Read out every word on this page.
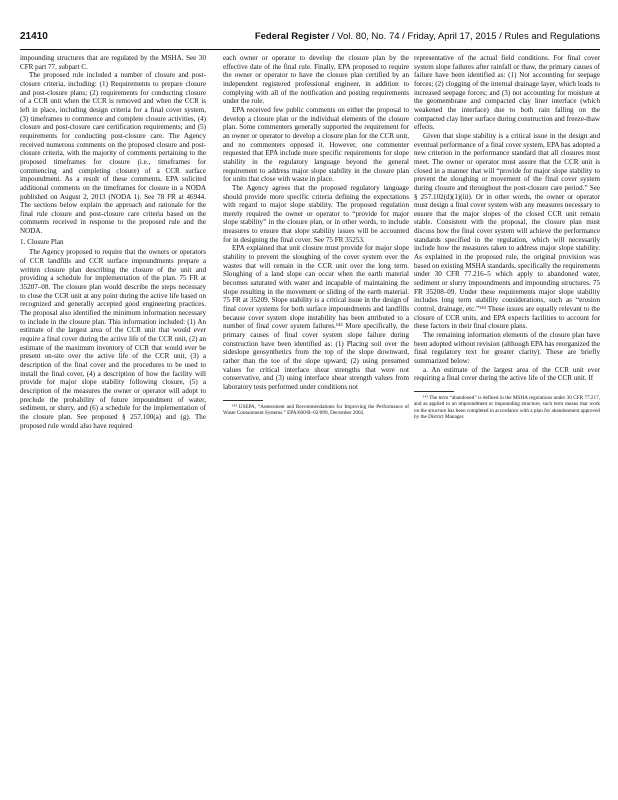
21410	Federal Register / Vol. 80, No. 74 / Friday, April 17, 2015 / Rules and Regulations

impounding structures that are regulated by the MSHA. See 30 CFR part 77, subpart C.

The proposed rule included a number of closure and post-closure criteria, including: (1) Requirements to prepare closure and post-closure plans; (2) requirements for conducting closure of a CCR unit when the CCR is removed and when the CCR is left in place, including design criteria for a final cover system, (3) timeframes to commence and complete closure activities, (4) closure and post-closure care certification requirements; and (5) requirements for conducting post-closure care. The Agency received numerous comments on the proposed closure and post-closure criteria, with the majority of comments pertaining to the proposed timeframes for closure (i.e., timeframes for commencing and completing closure) of a CCR surface impoundment. As a result of these comments, EPA solicited additional comments on the timeframes for closure in a NODA published on August 2, 2013 (NODA 1). See 78 FR at 46944. The sections below explain the approach and rationale for the final rule closure and post-closure care criteria based on the comments received in response to the proposed rule and the NODA.

1. Closure Plan

The Agency proposed to require that the owners or operators of CCR landfills and CCR surface impoundments prepare a written closure plan describing the closure of the unit and providing a schedule for implementation of the plan. 75 FR at 35207–08. The closure plan would describe the steps necessary to close the CCR unit at any point during the active life based on recognized and generally accepted good engineering practices. The proposal also identified the minimum information necessary to include in the closure plan. This information included: (1) An estimate of the largest area of the CCR unit that would ever require a final cover during the active life of the CCR unit, (2) an estimate of the maximum inventory of CCR that would ever be present on-site over the active life of the CCR unit, (3) a description of the final cover and the procedures to be used to install the final cover, (4) a description of how the facility will provide for major slope stability following closure, (5) a description of the measures the owner or operator will adopt to preclude the probability of future impoundment of water, sediment, or slurry, and (6) a schedule for the implementation of the closure plan. See proposed § 257.100(a) and (g). The proposed rule would also have required

each owner or operator to develop the closure plan by the effective date of the final rule. Finally, EPA proposed to require the owner or operator to have the closure plan certified by an independent registered professional engineer, in addition to complying with all of the notification and posting requirements under the rule.

EPA received few public comments on either the proposal to develop a closure plan or the individual elements of the closure plan. Some commenters generally supported the requirement for an owner or operator to develop a closure plan for the CCR unit, and no commenters opposed it. However, one commenter requested that EPA include more specific requirements for slope stability in the regulatory language beyond the general requirement to address major slope stability in the closure plan for units that close with waste in place.

The Agency agrees that the proposed regulatory language should provide more specific criteria defining the expectations with regard to major slope stability. The proposed regulation merely required the owner or operator to “provide for major slope stability” in the closure plan, or in other words, to include measures to ensure that slope stability issues will be accounted for in designing the final cover. See 75 FR 35253.

EPA explained that unit closure must provide for major slope stability to prevent the sloughing of the cover system over the wastes that will remain in the CCR unit over the long term. Sloughing of a land slope can occur when the earth material becomes saturated with water and incapable of maintaining the slope resulting in the movement or sliding of the earth material. 75 FR at 35209. Slope stability is a critical issue in the design of final cover systems for both surface impoundments and landfills because cover system slope instability has been attributed to a number of final cover system failures.¹⁴² More specifically, the primary causes of final cover system slope failure during construction have been identified as: (1) Placing soil over the sideslope geosynthetics from the top of the slope downward, rather than the toe of the slope upward; (2) using presumed values for critical interface shear strengths that were not conservative, and (3) using interface shear strength values from laboratory tests performed under conditions not

¹⁴² USEPA, “Assessment and Recommendations for Improving the Performance of Waste Containment Systems.” EPA/600/R–02/099, December 2002.

representative of the actual field conditions. For final cover system slope failures after rainfall or thaw, the primary causes of failure have been identified as: (1) Not accounting for seepage forces; (2) clogging of the internal drainage layer, which leads to increased seepage forces; and (3) not accounting for moisture at the geomembrane and compacted clay liner interface (which weakened the interface) due to both rain falling on the compacted clay liner surface during construction and freeze-thaw effects.

Given that slope stability is a critical issue in the design and eventual performance of a final cover system, EPA has adopted a new criterion in the performance standard that all closures must meet. The owner or operator must assure that the CCR unit is closed in a manner that will “provide for major slope stability to prevent the sloughing or movement of the final cover system during closure and throughout the post-closure care period.” See § 257.102(d)(1)(iii). Or in other words, the owner or operator must design a final cover system with any measures necessary to ensure that the major slopes of the closed CCR unit remain stable. Consistent with the proposal, the closure plan must discuss how the final cover system will achieve the performance standards specified in the regulation, which will necessarily include how the measures taken to address major slope stability. As explained in the proposed rule, the original provision was based on existing MSHA standards, specifically the requirements under 30 CFR 77.216–5 which apply to abandoned water, sediment or slurry impoundments and impounding structures. 75 FR 35208–09. Under these requirements major slope stability includes long term stability considerations, such as “erosion control, drainage, etc.”¹⁴³ These issues are equally relevant to the closure of CCR units, and EPA expects facilities to account for these factors in their final closure plans.

The remaining information elements of the closure plan have been adopted without revision (although EPA has reorganized the final regulatory text for greater clarity). These are briefly summarized below:

a. An estimate of the largest area of the CCR unit ever requiring a final cover during the active life of the CCR unit. If

¹⁴³ The term “abandoned” is defined in the MSHA regulations under 30 CFR 77.217, and as applied to an impoundment or impounding structure, such term means that work on the structure has been completed in accordance with a plan for abandonment approved by the District Manager.
